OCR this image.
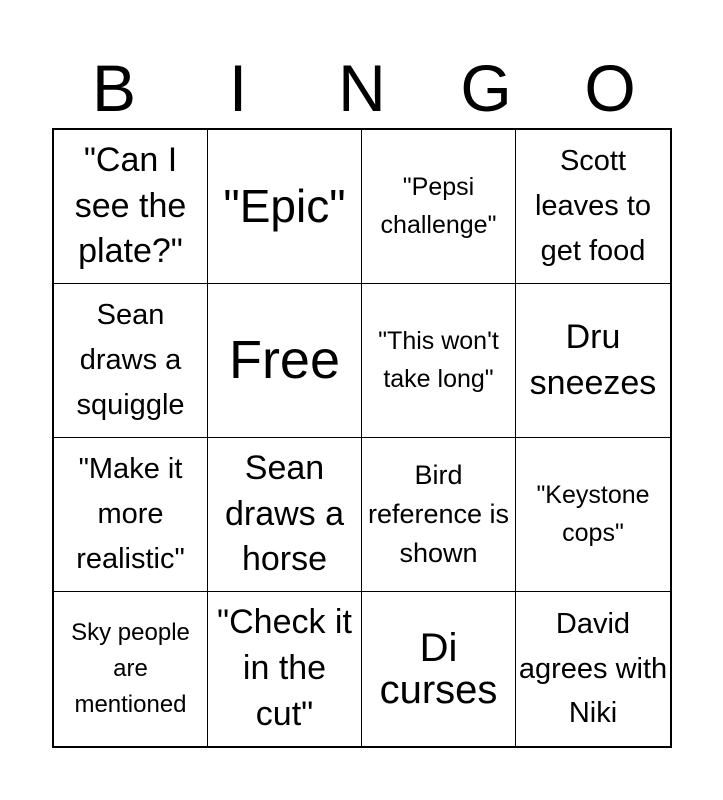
B	I	N	G	O
"Can I see the plate?"
"Epic"	"Pepsi challenge"
Scott leaves to get food
Sean draws a squiggle
Free	"This won't take long"
Dru sneezes
"Make it more realistic"
Sean draws a horse
Bird reference is shown
"Keystone cops"
Sky people are mentioned
"Check it in the cut"
Di curses
David agrees with Niki
